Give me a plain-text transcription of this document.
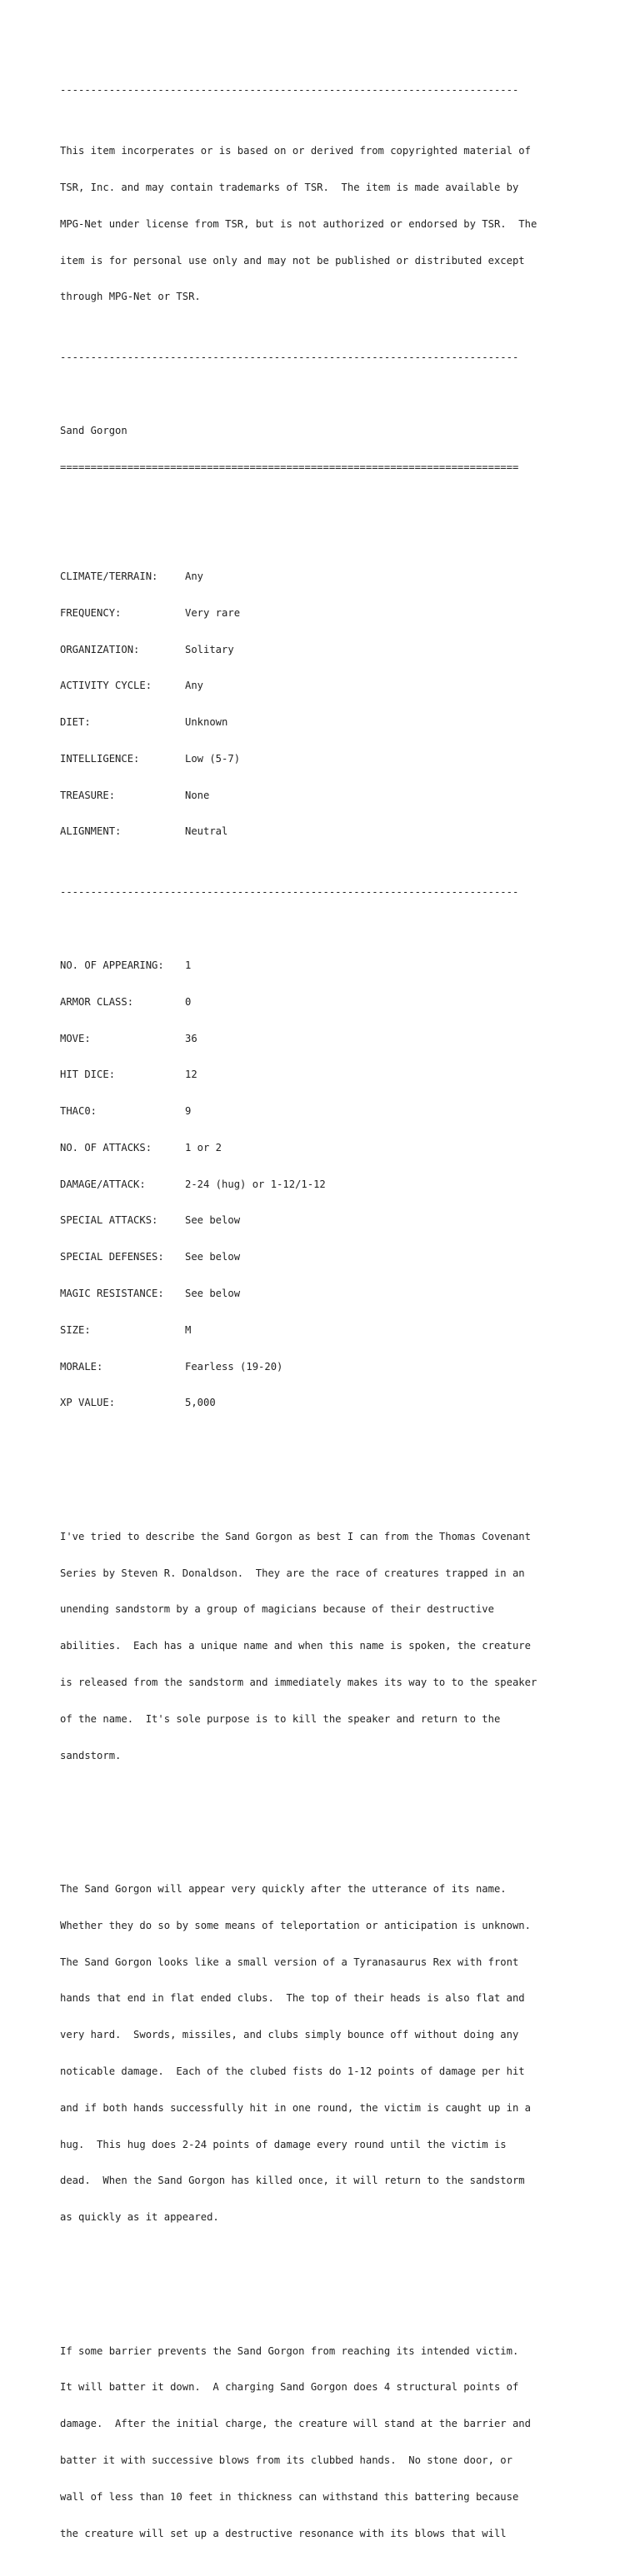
---------------------------------------------------------------------------

This item incorperates or is based on or derived from copyrighted material of

TSR, Inc. and may contain trademarks of TSR.  The item is made available by

MPG-Net under license from TSR, but is not authorized or endorsed by TSR.  The

item is for personal use only and may not be published or distributed except

through MPG-Net or TSR.

---------------------------------------------------------------------------

Sand Gorgon

===========================================================================

CLIMATE/TERRAIN:	Any

FREQUENCY:	Very rare

ORGANIZATION:	Solitary

ACTIVITY CYCLE:	Any

DIET:	Unknown

INTELLIGENCE:	Low (5-7)

TREASURE:	None

ALIGNMENT:	Neutral

---------------------------------------------------------------------------

NO. OF APPEARING: 1

ARMOR CLASS:	0

MOVE:	36

HIT DICE:	12

THAC0:	9

NO. OF ATTACKS:	1 or 2

DAMAGE/ATTACK:	2-24 (hug) or 1-12/1-12

SPECIAL ATTACKS:	See below

SPECIAL DEFENSES: See below

MAGIC RESISTANCE: See below

SIZE:	M

MORALE:	Fearless (19-20)

XP VALUE:	5,000

I've tried to describe the Sand Gorgon as best I can from the Thomas Covenant

Series by Steven R. Donaldson.  They are the race of creatures trapped in an

unending sandstorm by a group of magicians because of their destructive

abilities.  Each has a unique name and when this name is spoken, the creature

is released from the sandstorm and immediately makes its way to to the speaker

of the name.  It's sole purpose is to kill the speaker and return to the

sandstorm.

The Sand Gorgon will appear very quickly after the utterance of its name.

Whether they do so by some means of teleportation or anticipation is unknown.

The Sand Gorgon looks like a small version of a Tyranasaurus Rex with front

hands that end in flat ended clubs.  The top of their heads is also flat and

very hard.  Swords, missiles, and clubs simply bounce off without doing any

noticable damage.  Each of the clubed fists do 1-12 points of damage per hit

and if both hands successfully hit in one round, the victim is caught up in a

hug.  This hug does 2-24 points of damage every round until the victim is

dead.  When the Sand Gorgon has killed once, it will return to the sandstorm

as quickly as it appeared.

If some barrier prevents the Sand Gorgon from reaching its intended victim.

It will batter it down.  A charging Sand Gorgon does 4 structural points of

damage.  After the initial charge, the creature will stand at the barrier and

batter it with successive blows from its clubbed hands.  No stone door, or

wall of less than 10 feet in thickness can withstand this battering because

the creature will set up a destructive resonance with its blows that will
